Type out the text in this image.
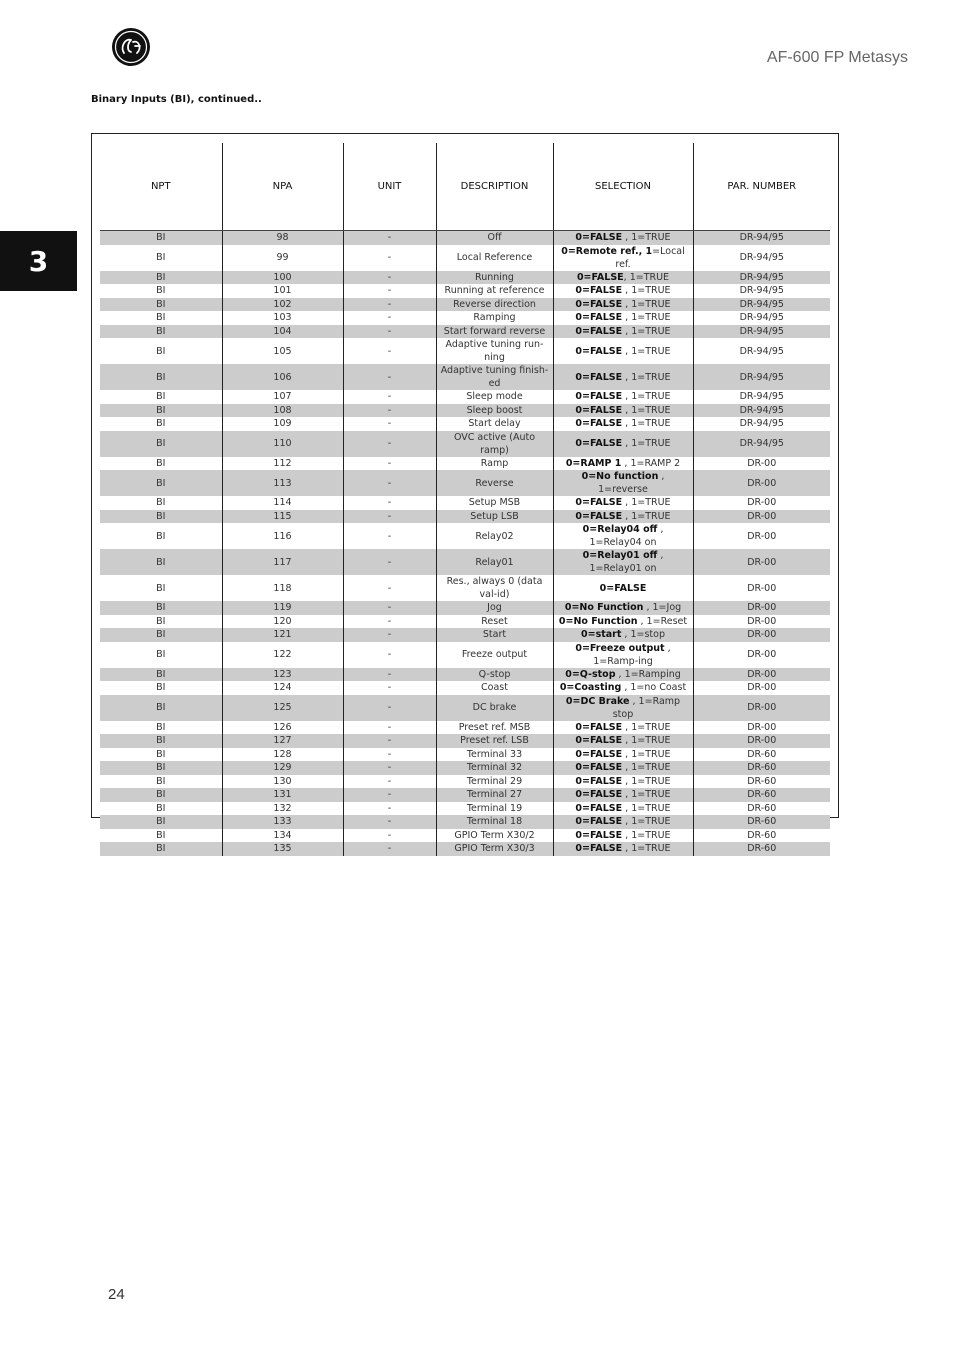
AF-600 FP Metasys
Binary Inputs (BI), continued..
3
NPT	NPA	UNIT	DESCRIPTION	SELECTION	PAR. NUMBER
BI	98	-	Off	0=FALSE , 1=TRUE	DR-94/95
BI	99	-	Local Reference	0=Remote ref., 1=Local ref.	DR-94/95
BI	100	-	Running	0=FALSE, 1=TRUE	DR-94/95
BI	101	-	Running at reference	0=FALSE , 1=TRUE	DR-94/95
BI	102	-	Reverse direction	0=FALSE , 1=TRUE	DR-94/95
BI	103	-	Ramping	0=FALSE , 1=TRUE	DR-94/95
BI	104	-	Start forward reverse	0=FALSE , 1=TRUE	DR-94/95
BI	105	-	Adaptive tuning run-ning	0=FALSE , 1=TRUE	DR-94/95
BI	106	-	Adaptive tuning finish-ed	0=FALSE , 1=TRUE	DR-94/95
BI	107	-	Sleep mode	0=FALSE , 1=TRUE	DR-94/95
BI	108	-	Sleep boost	0=FALSE , 1=TRUE	DR-94/95
BI	109	-	Start delay	0=FALSE , 1=TRUE	DR-94/95
BI	110	-	OVC active (Auto ramp)	0=FALSE , 1=TRUE	DR-94/95
BI	112	-	Ramp	0=RAMP 1 , 1=RAMP 2	DR-00
BI	113	-	Reverse	0=No function , 1=reverse	DR-00
BI	114	-	Setup MSB	0=FALSE , 1=TRUE	DR-00
BI	115	-	Setup LSB	0=FALSE , 1=TRUE	DR-00
BI	116	-	Relay02	0=Relay04 off , 1=Relay04 on	DR-00
BI	117	-	Relay01	0=Relay01 off , 1=Relay01 on	DR-00
BI	118	-	Res., always 0 (data val-id)	0=FALSE	DR-00
BI	119	-	Jog	0=No Function , 1=Jog	DR-00
BI	120	-	Reset	0=No Function , 1=Reset	DR-00
BI	121	-	Start	0=start , 1=stop	DR-00
BI	122	-	Freeze output	0=Freeze output , 1=Ramp-ing	DR-00
BI	123	-	Q-stop	0=Q-stop , 1=Ramping	DR-00
BI	124	-	Coast	0=Coasting , 1=no Coast	DR-00
BI	125	-	DC brake	0=DC Brake , 1=Ramp stop	DR-00
BI	126	-	Preset ref. MSB	0=FALSE , 1=TRUE	DR-00
BI	127	-	Preset ref. LSB	0=FALSE , 1=TRUE	DR-00
BI	128	-	Terminal 33	0=FALSE , 1=TRUE	DR-60
BI	129	-	Terminal 32	0=FALSE , 1=TRUE	DR-60
BI	130	-	Terminal 29	0=FALSE , 1=TRUE	DR-60
BI	131	-	Terminal 27	0=FALSE , 1=TRUE	DR-60
BI	132	-	Terminal 19	0=FALSE , 1=TRUE	DR-60
BI	133	-	Terminal 18	0=FALSE , 1=TRUE	DR-60
BI	134	-	GPIO Term X30/2	0=FALSE , 1=TRUE	DR-60
BI	135	-	GPIO Term X30/3	0=FALSE , 1=TRUE	DR-60
24
